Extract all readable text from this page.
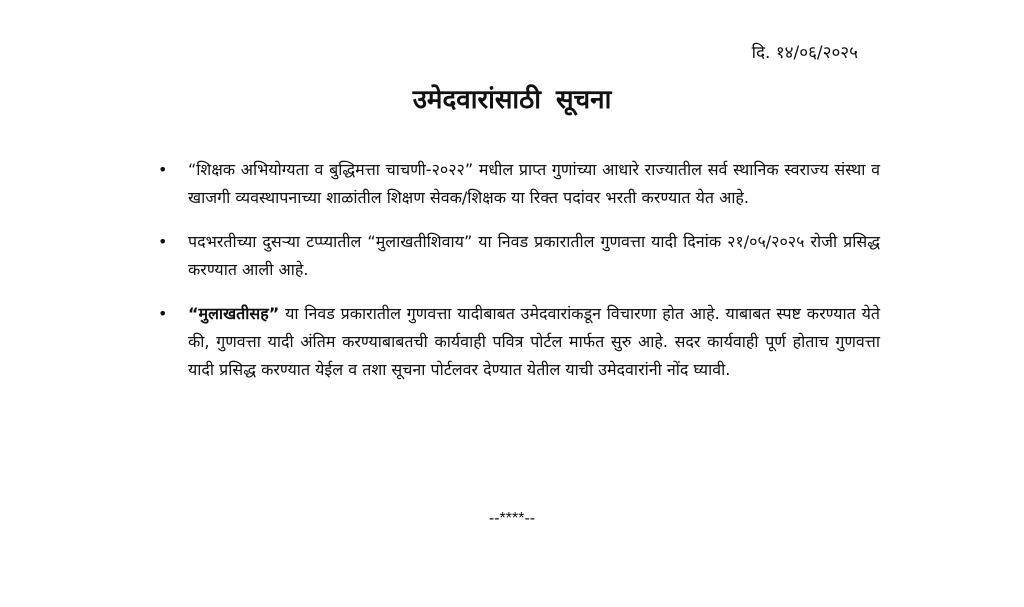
दि. १४/०६/२०२५
उमेदवारांसाठी सूचना
• “शिक्षक अभियोग्यता व बुद्धिमत्ता चाचणी-२०२२” मधील प्राप्त गुणांच्या आधारे राज्यातील सर्व स्थानिक स्वराज्य संस्था व खाजगी व्यवस्थापनाच्या शाळांतील शिक्षण सेवक/शिक्षक या रिक्त पदांवर भरती करण्यात येत आहे.
• पदभरतीच्या दुसऱ्या टप्प्यातील “मुलाखतीशिवाय” या निवड प्रकारातील गुणवत्ता यादी दिनांक २१/०५/२०२५ रोजी प्रसिद्ध करण्यात आली आहे.
• “मुलाखतीसह” या निवड प्रकारातील गुणवत्ता यादीबाबत उमेदवारांकडून विचारणा होत आहे. याबाबत स्पष्ट करण्यात येते की, गुणवत्ता यादी अंतिम करण्याबाबतची कार्यवाही पवित्र पोर्टल मार्फत सुरु आहे. सदर कार्यवाही पूर्ण होताच गुणवत्ता यादी प्रसिद्ध करण्यात येईल व तशा सूचना पोर्टलवर देण्यात येतील याची उमेदवारांनी नोंद घ्यावी.
--****--
